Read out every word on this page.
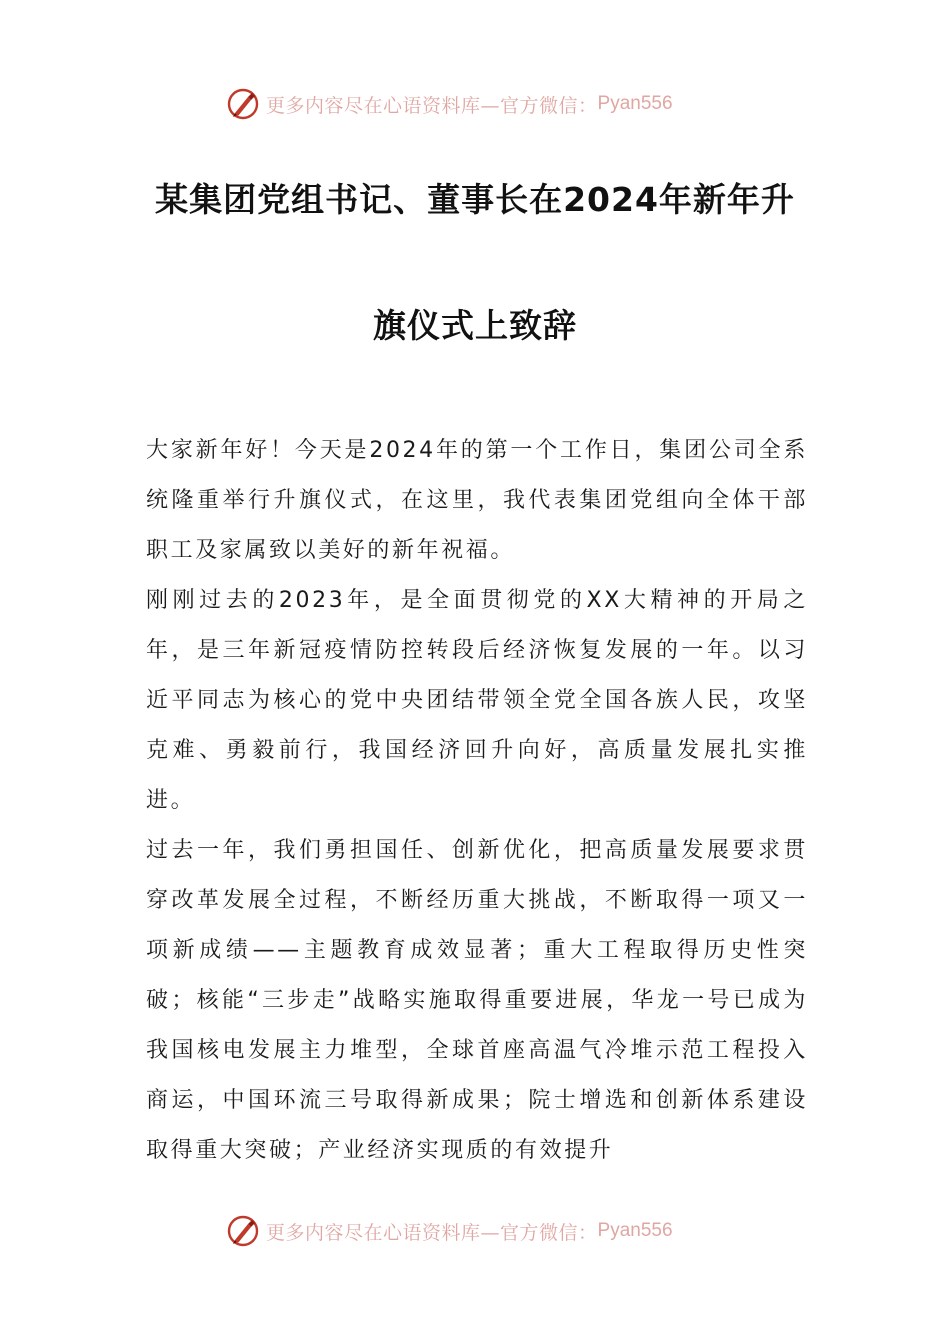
更多内容尽在心语资料库—官方微信： Pyan556
某集团党组书记、董事长在2024年新年升
旗仪式上致辞

大家新年好！今天是2024年的第一个工作日，集团公司全系统隆重举行升旗仪式，在这里，我代表集团党组向全体干部职工及家属致以美好的新年祝福。

刚刚过去的2023年，是全面贯彻党的XX大精神的开局之年，是三年新冠疫情防控转段后经济恢复发展的一年。以习近平同志为核心的党中央团结带领全党全国各族人民，攻坚克难、勇毅前行，我国经济回升向好，高质量发展扎实推进。

过去一年，我们勇担国任、创新优化，把高质量发展要求贯穿改革发展全过程，不断经历重大挑战，不断取得一项又一项新成绩——主题教育成效显著；重大工程取得历史性突破；核能“三步走”战略实施取得重要进展，华龙一号已成为我国核电发展主力堆型，全球首座高温气冷堆示范工程投入商运，中国环流三号取得新成果；院士增选和创新体系建设取得重大突破；产业经济实现质的有效提升

更多内容尽在心语资料库—官方微信： Pyan556
